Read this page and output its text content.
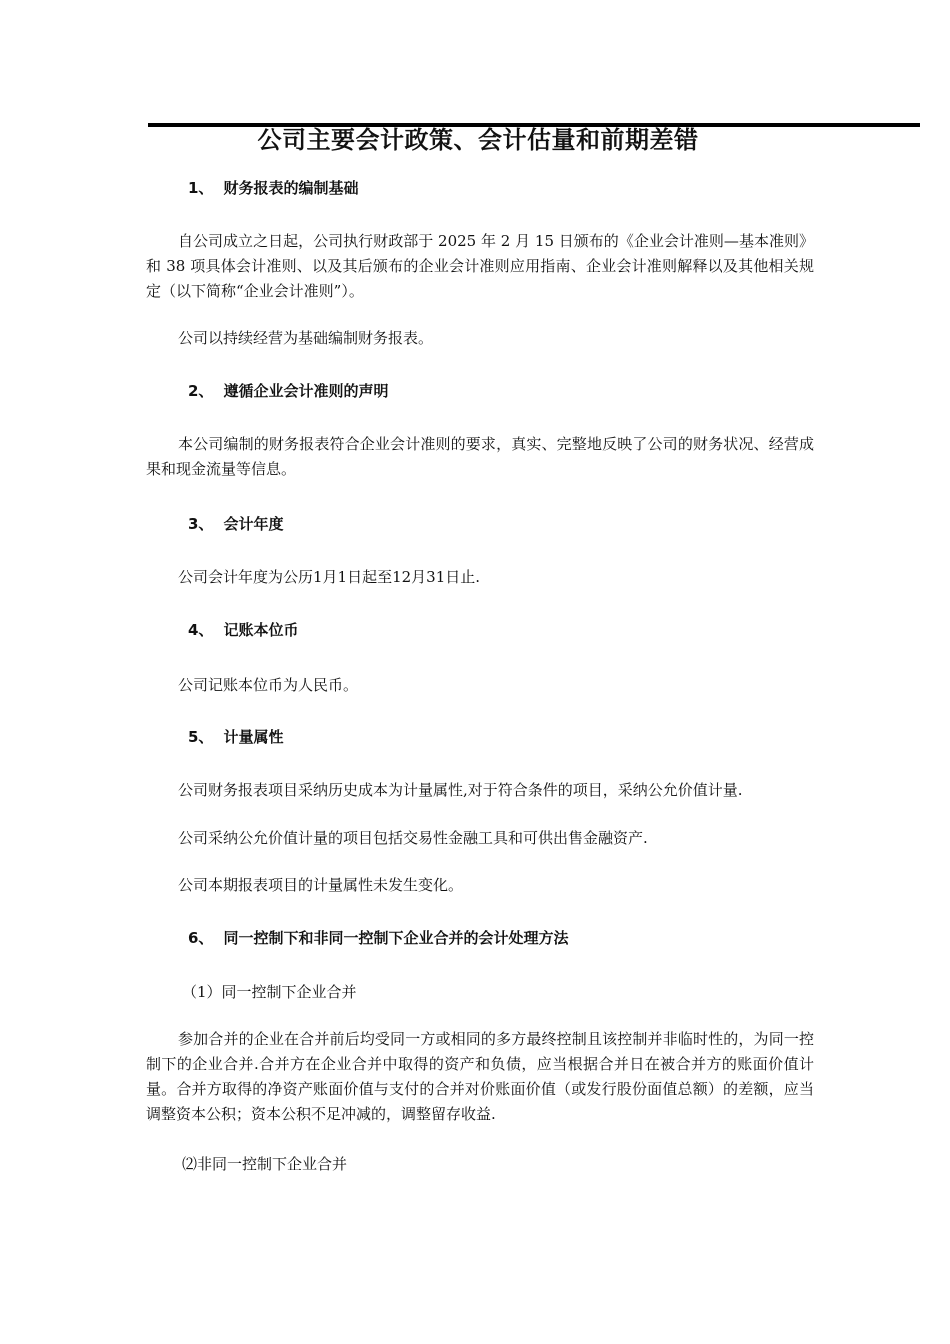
公司主要会计政策、会计估量和前期差错
1、 财务报表的编制基础

自公司成立之日起，公司执行财政部于 2025 年 2 月 15 日颁布的《企业会计准则—基本准则》和 38 项具体会计准则、以及其后颁布的企业会计准则应用指南、企业会计准则解释以及其他相关规定（以下简称“企业会计准则”）。

公司以持续经营为基础编制财务报表。

2、 遵循企业会计准则的声明

本公司编制的财务报表符合企业会计准则的要求，真实、完整地反映了公司的财务状况、经营成果和现金流量等信息。

3、 会计年度

公司会计年度为公历1月1日起至12月31日止.

4、 记账本位币

公司记账本位币为人民币。

5、 计量属性

公司财务报表项目采纳历史成本为计量属性,对于符合条件的项目，采纳公允价值计量.

公司采纳公允价值计量的项目包括交易性金融工具和可供出售金融资产.

公司本期报表项目的计量属性未发生变化。

6、 同一控制下和非同一控制下企业合并的会计处理方法

（1）同一控制下企业合并

参加合并的企业在合并前后均受同一方或相同的多方最终控制且该控制并非临时性的，为同一控制下的企业合并.合并方在企业合并中取得的资产和负债，应当根据合并日在被合并方的账面价值计量。合并方取得的净资产账面价值与支付的合并对价账面价值（或发行股份面值总额）的差额，应当调整资本公积；资本公积不足冲减的，调整留存收益.

⑵非同一控制下企业合并
